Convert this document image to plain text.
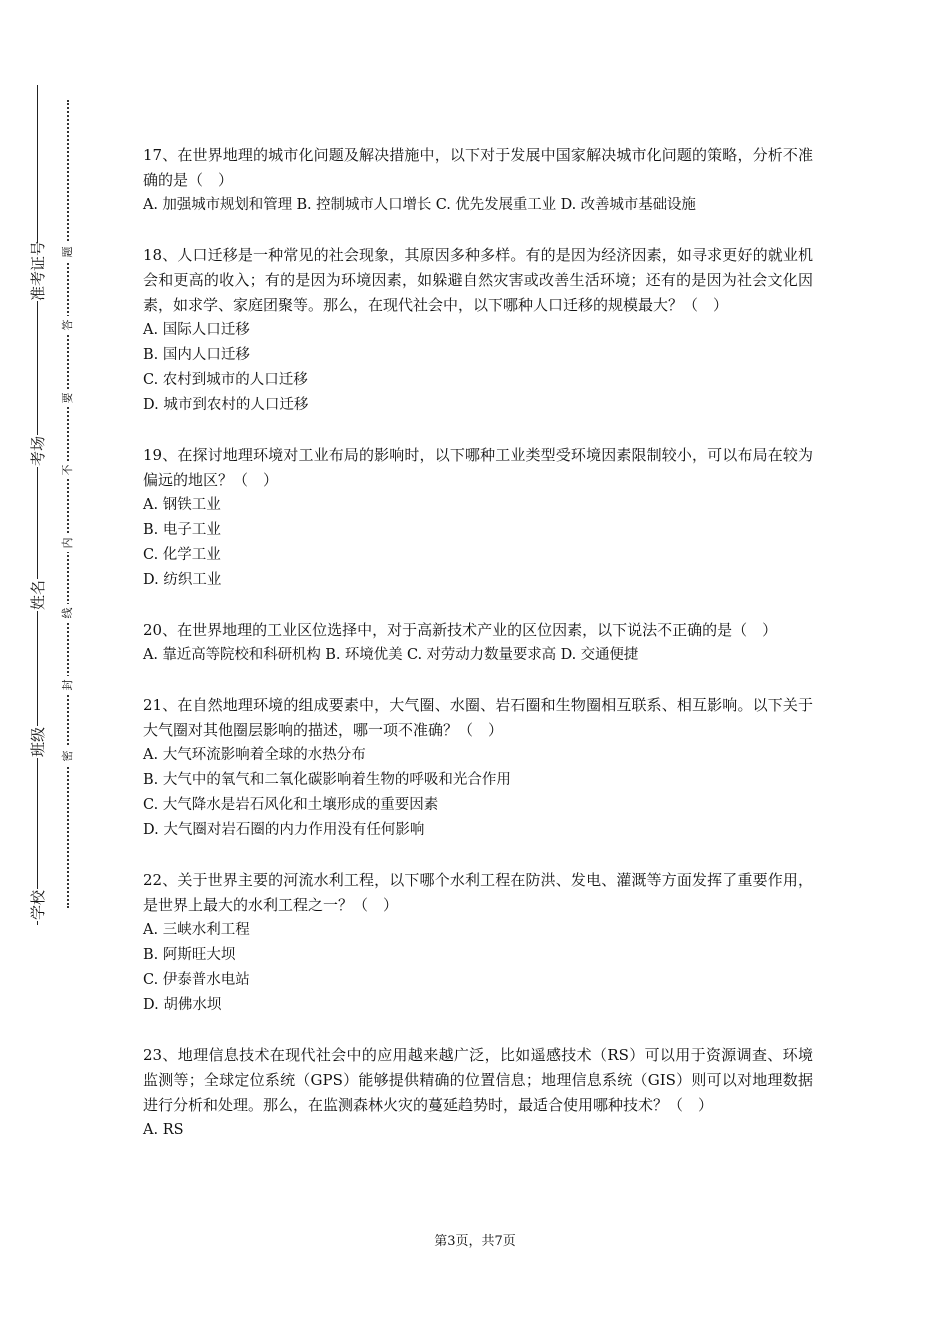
准考证号
考场
姓名
班级
学校
题
答
要
不
内
线
封
密
17、在世界地理的城市化问题及解决措施中，以下对于发展中国家解决城市化问题的策略，分析不准确的是（　）
A. 加强城市规划和管理 B. 控制城市人口增长 C. 优先发展重工业 D. 改善城市基础设施
18、人口迁移是一种常见的社会现象，其原因多种多样。有的是因为经济因素，如寻求更好的就业机会和更高的收入；有的是因为环境因素，如躲避自然灾害或改善生活环境；还有的是因为社会文化因素，如求学、家庭团聚等。那么，在现代社会中，以下哪种人口迁移的规模最大？（　）
A. 国际人口迁移
B. 国内人口迁移
C. 农村到城市的人口迁移
D. 城市到农村的人口迁移
19、在探讨地理环境对工业布局的影响时，以下哪种工业类型受环境因素限制较小，可以布局在较为偏远的地区？（　）
A. 钢铁工业
B. 电子工业
C. 化学工业
D. 纺织工业
20、在世界地理的工业区位选择中，对于高新技术产业的区位因素，以下说法不正确的是（　）
A. 靠近高等院校和科研机构 B. 环境优美 C. 对劳动力数量要求高 D. 交通便捷
21、在自然地理环境的组成要素中，大气圈、水圈、岩石圈和生物圈相互联系、相互影响。以下关于大气圈对其他圈层影响的描述，哪一项不准确？（　）
A. 大气环流影响着全球的水热分布
B. 大气中的氧气和二氧化碳影响着生物的呼吸和光合作用
C. 大气降水是岩石风化和土壤形成的重要因素
D. 大气圈对岩石圈的内力作用没有任何影响
22、关于世界主要的河流水利工程，以下哪个水利工程在防洪、发电、灌溉等方面发挥了重要作用，是世界上最大的水利工程之一？（　）
A. 三峡水利工程
B. 阿斯旺大坝
C. 伊泰普水电站
D. 胡佛水坝
23、地理信息技术在现代社会中的应用越来越广泛，比如遥感技术（RS）可以用于资源调查、环境监测等；全球定位系统（GPS）能够提供精确的位置信息；地理信息系统（GIS）则可以对地理数据进行分析和处理。那么，在监测森林火灾的蔓延趋势时，最适合使用哪种技术？（　）
A. RS
第3页，共7页
